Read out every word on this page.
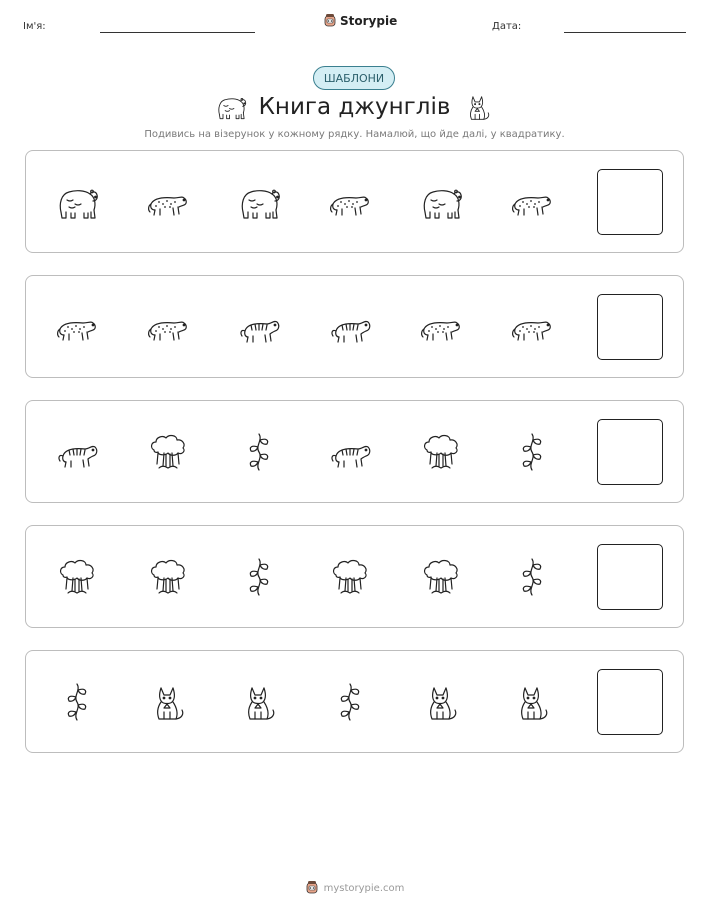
Ім'я:	Storypie	Дата:
ШАБЛОНИ
Книга джунглів
Подивись на візерунок у кожному рядку. Намалюй, що йде далі, у квадратику.
mystorypie.com
